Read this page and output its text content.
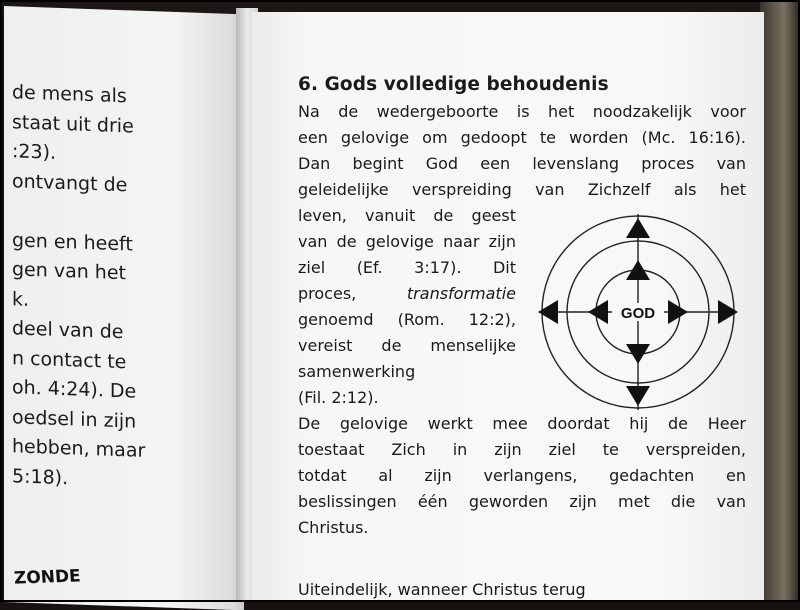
de mens als
staat uit drie
:23).
ontvangt de
gen en heeft
gen van het
k.
deel van de
n contact te
oh. 4:24). De
oedsel in zijn
hebben, maar
5:18).
ZONDE
6. Gods volledige behoudenis
Na de wedergeboorte is het noodzakelijk voor
een gelovige om gedoopt te worden (Mc. 16:16).
Dan begint God een levenslang proces van
geleidelijke verspreiding van Zichzelf als het
leven, vanuit de geest
van de gelovige naar zijn
ziel (Ef. 3:17). Dit
proces,	transformatie
genoemd (Rom. 12:2),
vereist de menselijke
samenwerking
(Fil. 2:12).
De gelovige werkt mee doordat hij de Heer
toestaat Zich in zijn ziel te verspreiden,
totdat al zijn verlangens, gedachten en
beslissingen één geworden zijn met die van
Christus.
GOD
Uiteindelijk, wanneer Christus terug
